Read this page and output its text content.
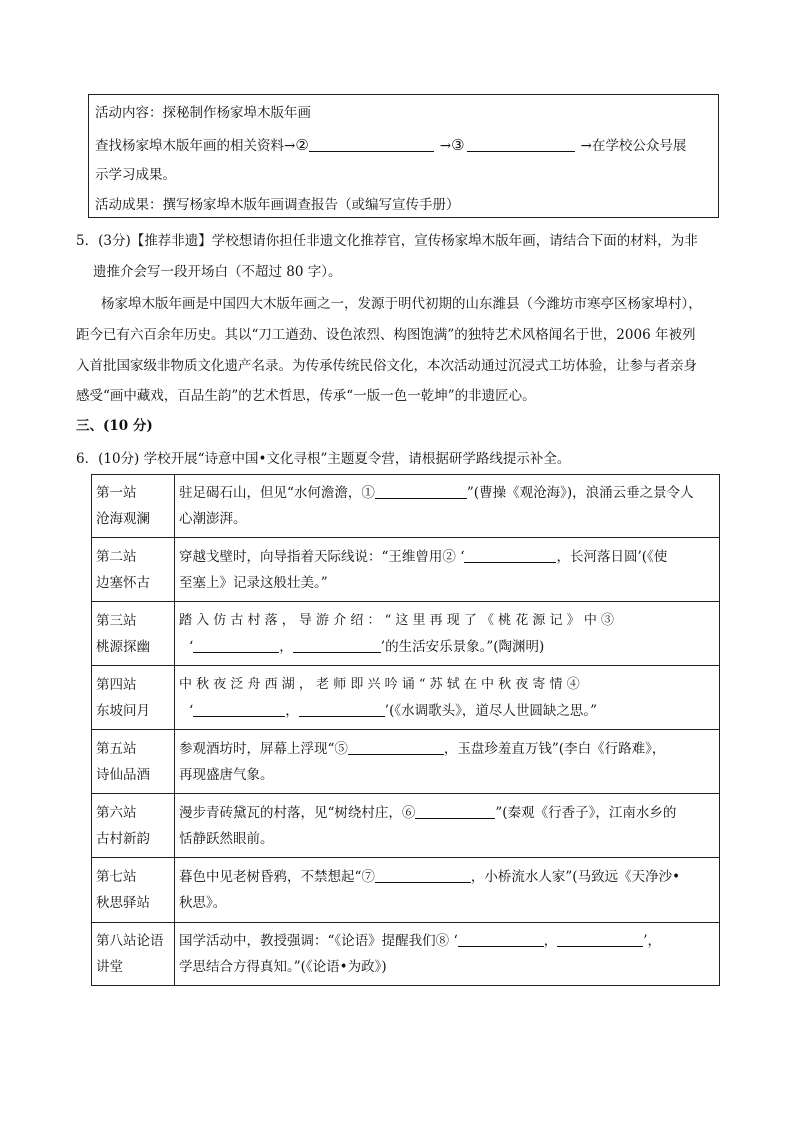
活动内容：探秘制作杨家埠木版年画
查找杨家埠木版年画的相关资料→②	→③	→在学校公众号展
示学习成果。
活动成果：撰写杨家埠木版年画调查报告（或编写宣传手册）
5．(3分)【推荐非遗】学校想请你担任非遗文化推荐官，宣传杨家埠木版年画，请结合下面的材料，为非
遗推介会写一段开场白（不超过 80 字）。
杨家埠木版年画是中国四大木版年画之一，发源于明代初期的山东潍县（今潍坊市寒亭区杨家埠村），
距今已有六百余年历史。其以“刀工遒劲、设色浓烈、构图饱满”的独特艺术风格闻名于世，2006 年被列
入首批国家级非物质文化遗产名录。为传承传统民俗文化，本次活动通过沉浸式工坊体验，让参与者亲身
感受“画中藏戏，百品生韵”的艺术哲思，传承“一版一色一乾坤”的非遗匠心。
三、(10 分)
6．(10分) 学校开展“诗意中国•文化寻根”主题夏令营，请根据研学路线提示补全。
第一站
沧海观澜	驻足碣石山，但见“水何澹澹，① ”(曹操《观沧海》)，浪涌云垂之景令人
心潮澎湃。

第二站
边塞怀古	穿越戈壁时，向导指着天际线说：“王维曾用② ‘ ，长河落日圆’(《使
至塞上》记录这般壮美。”

第三站
桃源探幽	踏 入 仿 古 村 落 ， 导 游 介 绍 ： “ 这 里 再 现 了 《 桃 花 源 记 》 中 ③
‘ ， ’的生活安乐景象。”(陶渊明)

第四站
东坡问月	中 秋 夜 泛 舟 西 湖 ， 老 师 即 兴 吟 诵 “ 苏 轼 在 中 秋 夜 寄 情 ④
‘ ， ’(《水调歌头》，道尽人世圆缺之思。”

第五站
诗仙品酒	参观酒坊时，屏幕上浮现“⑤ ，玉盘珍羞直万钱”(李白《行路难》，
再现盛唐气象。

第六站
古村新韵	漫步青砖黛瓦的村落，见“树绕村庄，⑥ ”(秦观《行香子》，江南水乡的
恬静跃然眼前。

第七站
秋思驿站	暮色中见老树昏鸦，不禁想起“⑦ ，小桥流水人家”(马致远《天净沙•
秋思》。

第八站论语
讲堂	国学活动中，教授强调：“《论语》提醒我们⑧ ‘ ， ’，
学思结合方得真知。”(《论语•为政》)
